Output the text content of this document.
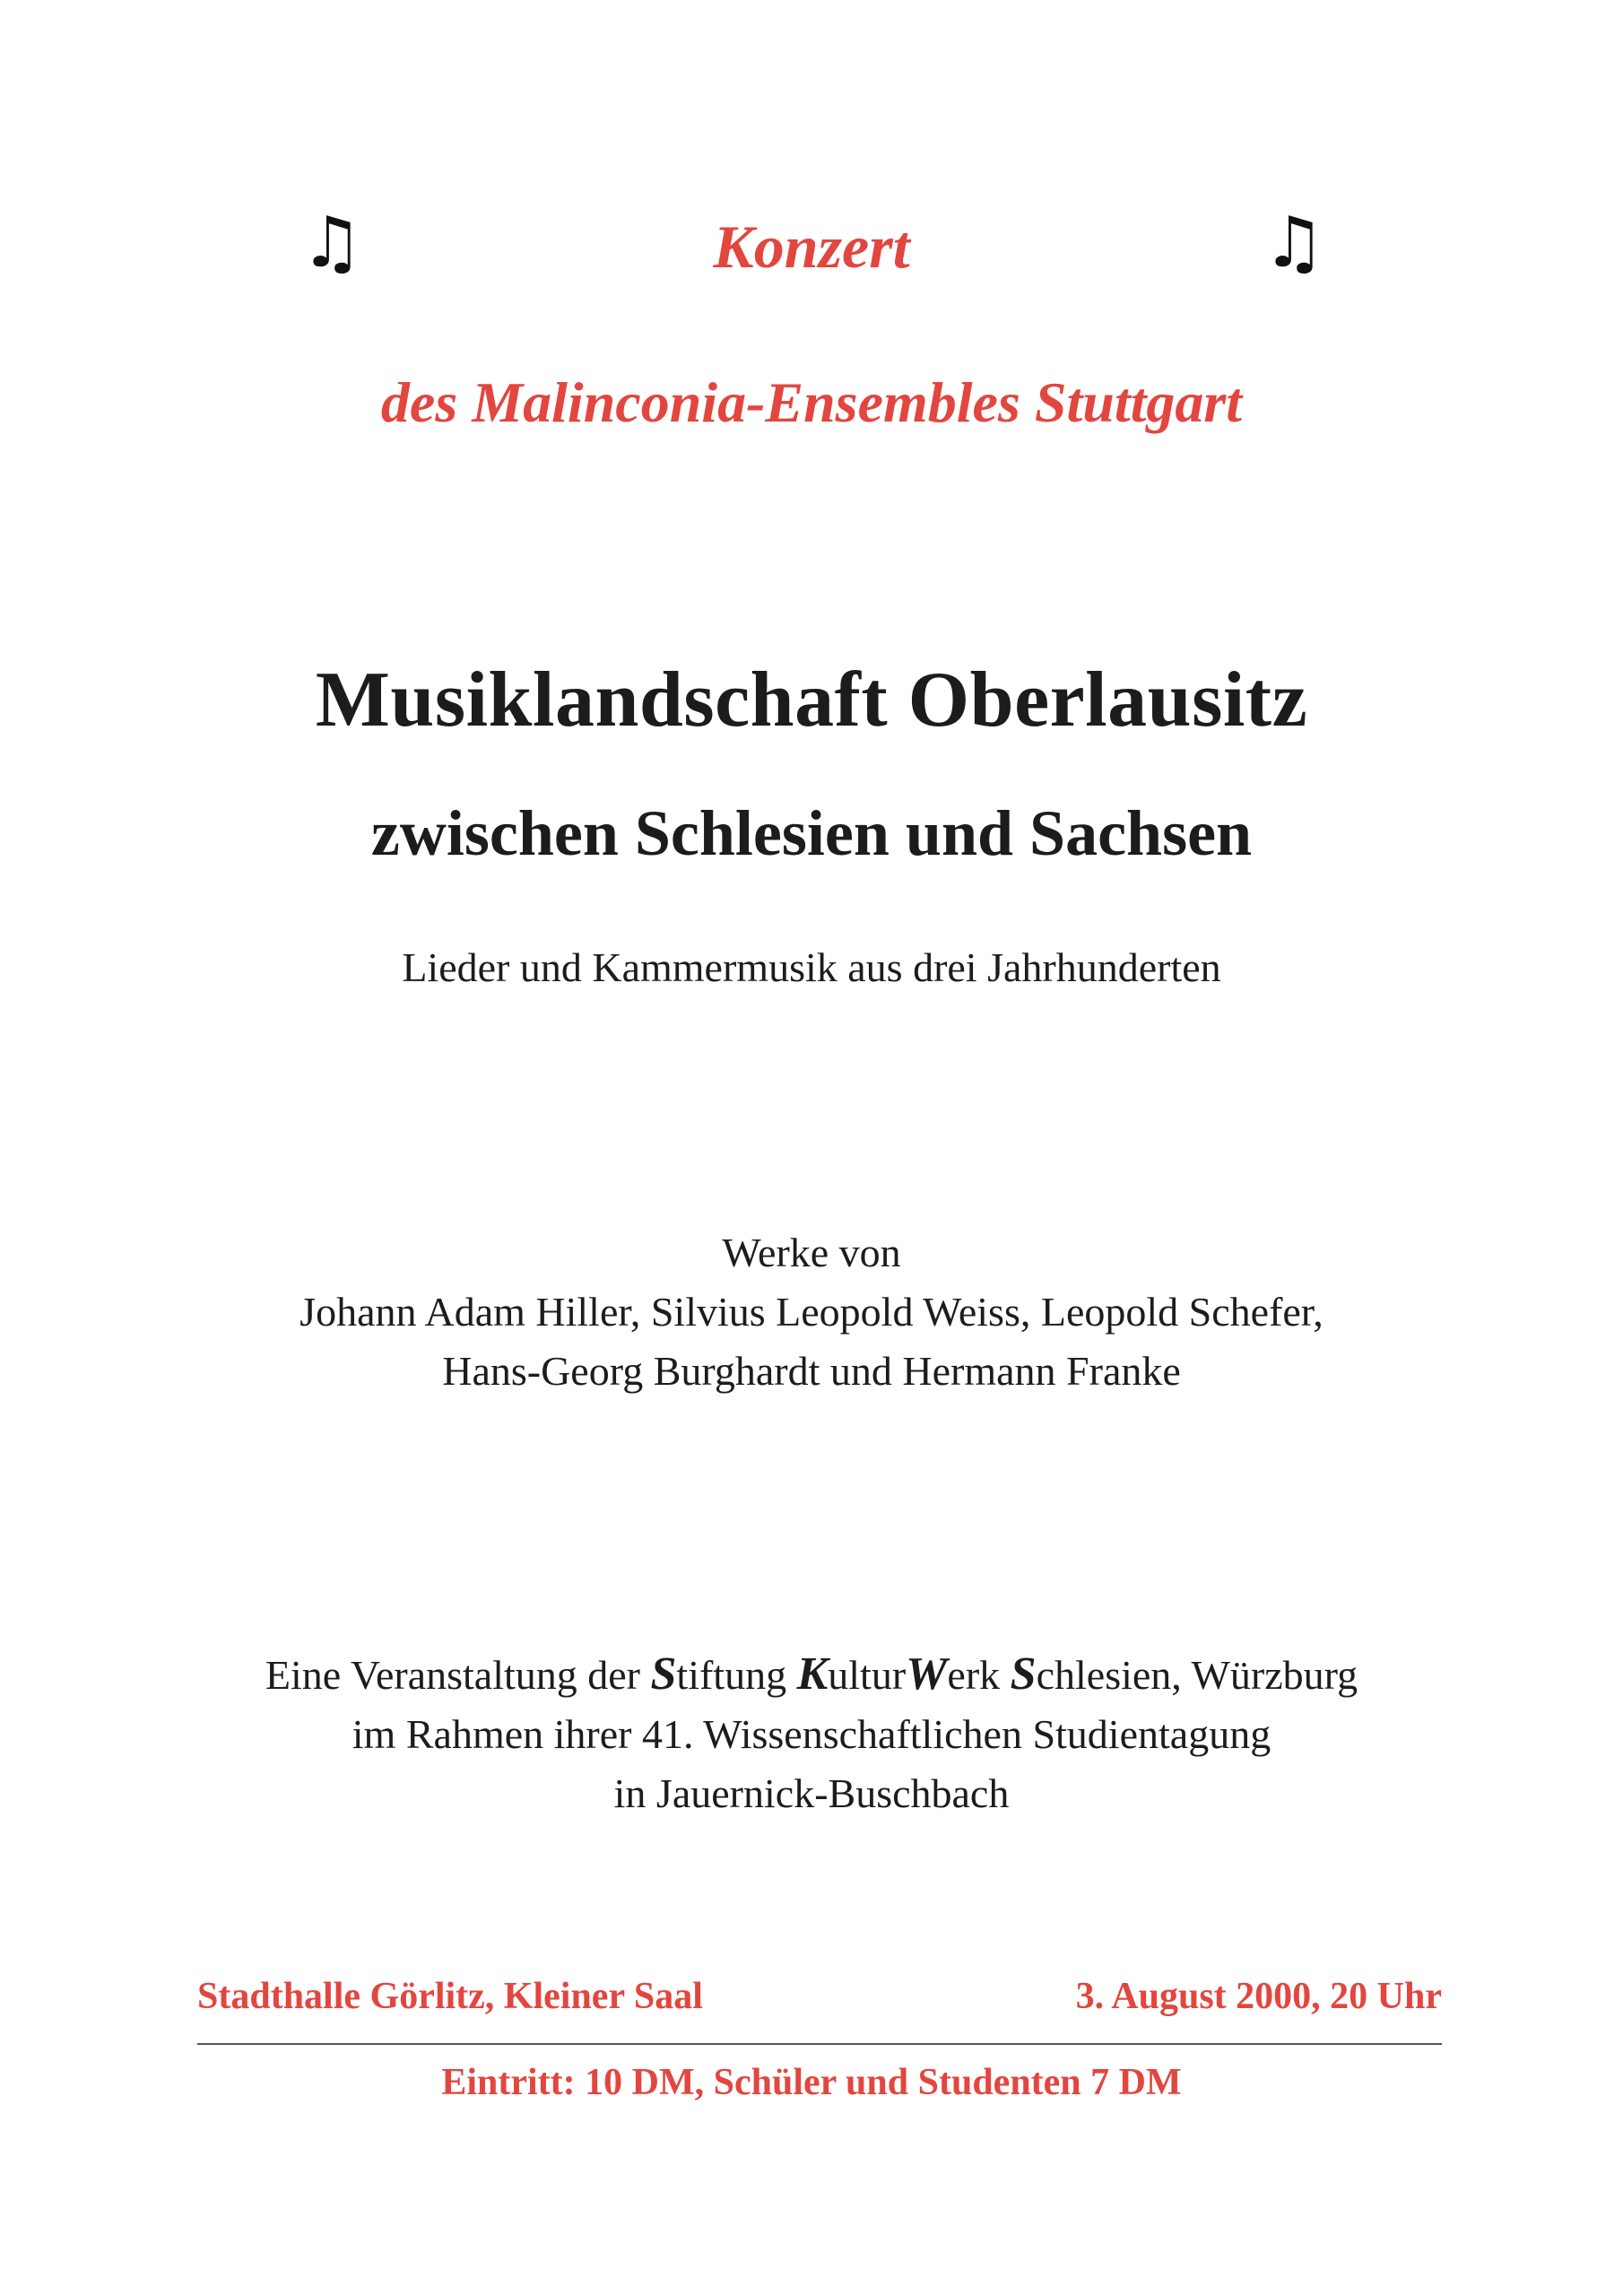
♫	♫
Konzert
des Malinconia-Ensembles Stuttgart
Musiklandschaft Oberlausitz
zwischen Schlesien und Sachsen
Lieder und Kammermusik aus drei Jahrhunderten
Werke von
Johann Adam Hiller, Silvius Leopold Weiss, Leopold Schefer,
Hans-Georg Burghardt und Hermann Franke
Eine Veranstaltung der Stiftung KulturWerk Schlesien, Würzburg
im Rahmen ihrer 41. Wissenschaftlichen Studientagung
in Jauernick-Buschbach
Stadthalle Görlitz, Kleiner Saal	3. August 2000, 20 Uhr
Eintritt: 10 DM, Schüler und Studenten 7 DM
